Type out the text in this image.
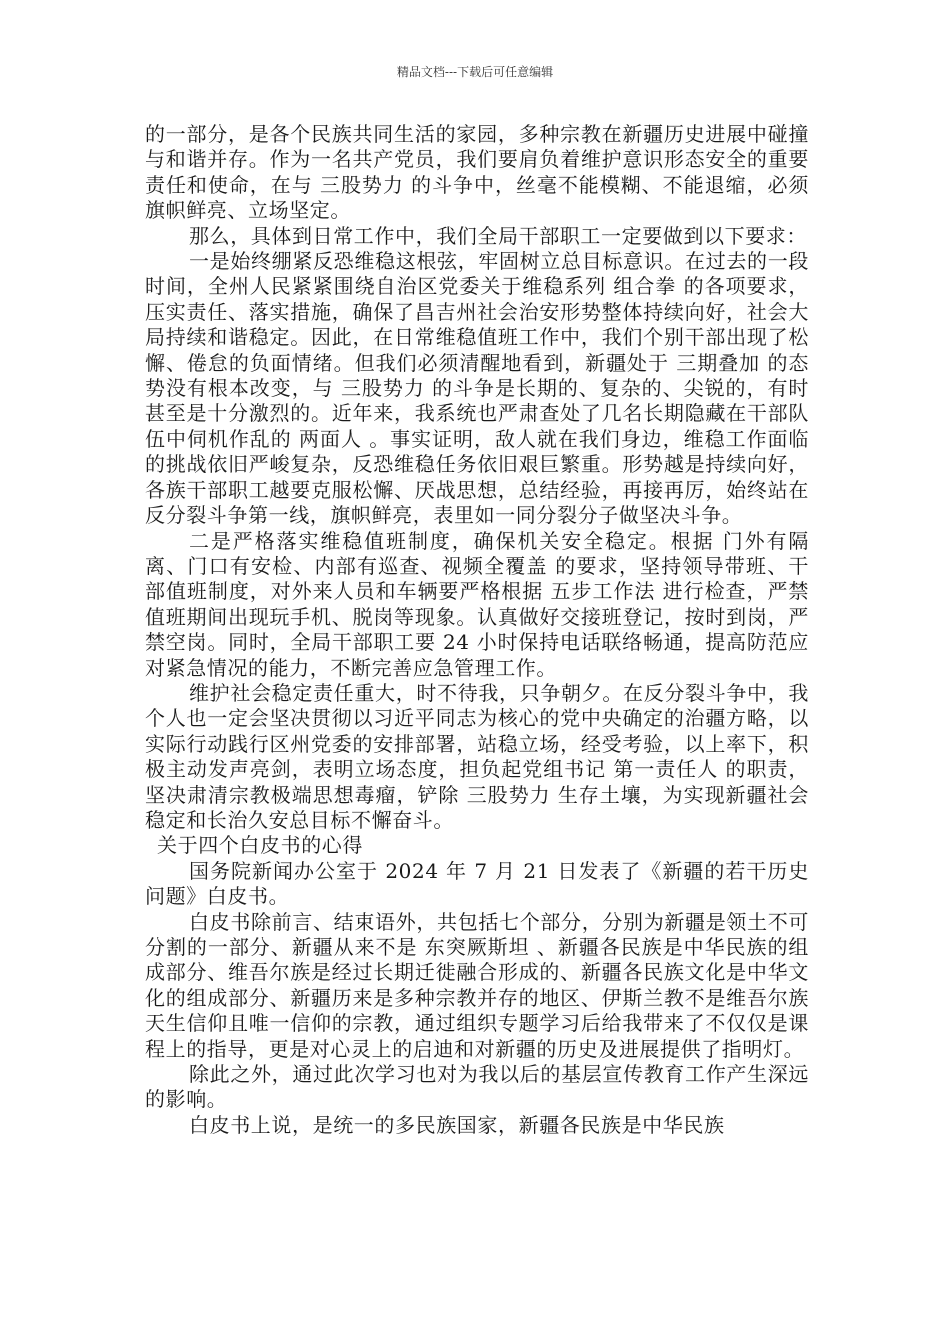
精品文档---下载后可任意编辑

的一部分，是各个民族共同生活的家园，多种宗教在新疆历史进展中碰撞与和谐并存。作为一名共产党员，我们要肩负着维护意识形态安全的重要责任和使命，在与 三股势力 的斗争中，丝毫不能模糊、不能退缩，必须旗帜鲜亮、立场坚定。

那么，具体到日常工作中，我们全局干部职工一定要做到以下要求：

一是始终绷紧反恐维稳这根弦，牢固树立总目标意识。在过去的一段时间，全州人民紧紧围绕自治区党委关于维稳系列 组合拳 的各项要求，压实责任、落实措施，确保了昌吉州社会治安形势整体持续向好，社会大局持续和谐稳定。因此，在日常维稳值班工作中，我们个别干部出现了松懈、倦怠的负面情绪。但我们必须清醒地看到，新疆处于 三期叠加 的态势没有根本改变，与 三股势力 的斗争是长期的、复杂的、尖锐的，有时甚至是十分激烈的。近年来，我系统也严肃查处了几名长期隐藏在干部队伍中伺机作乱的 两面人 。事实证明，敌人就在我们身边，维稳工作面临的挑战依旧严峻复杂，反恐维稳任务依旧艰巨繁重。形势越是持续向好，各族干部职工越要克服松懈、厌战思想，总结经验，再接再厉，始终站在反分裂斗争第一线，旗帜鲜亮，表里如一同分裂分子做坚决斗争。

二是严格落实维稳值班制度，确保机关安全稳定。根据 门外有隔离、门口有安检、内部有巡查、视频全覆盖 的要求，坚持领导带班、干部值班制度，对外来人员和车辆要严格根据 五步工作法 进行检查，严禁值班期间出现玩手机、脱岗等现象。认真做好交接班登记，按时到岗，严禁空岗。同时，全局干部职工要 24 小时保持电话联络畅通，提高防范应对紧急情况的能力，不断完善应急管理工作。

维护社会稳定责任重大，时不待我，只争朝夕。在反分裂斗争中，我个人也一定会坚决贯彻以习近平同志为核心的党中央确定的治疆方略，以实际行动践行区州党委的安排部署，站稳立场，经受考验，以上率下，积极主动发声亮剑，表明立场态度，担负起党组书记 第一责任人 的职责，坚决肃清宗教极端思想毒瘤，铲除 三股势力 生存土壤，为实现新疆社会稳定和长治久安总目标不懈奋斗。

关于四个白皮书的心得

国务院新闻办公室于 2024 年 7 月 21 日发表了《新疆的若干历史问题》白皮书。

白皮书除前言、结束语外，共包括七个部分，分别为新疆是领土不可分割的一部分、新疆从来不是 东突厥斯坦 、新疆各民族是中华民族的组成部分、维吾尔族是经过长期迁徙融合形成的、新疆各民族文化是中华文化的组成部分、新疆历来是多种宗教并存的地区、伊斯兰教不是维吾尔族天生信仰且唯一信仰的宗教，通过组织专题学习后给我带来了不仅仅是课程上的指导，更是对心灵上的启迪和对新疆的历史及进展提供了指明灯。

除此之外，通过此次学习也对为我以后的基层宣传教育工作产生深远的影响。

白皮书上说，是统一的多民族国家，新疆各民族是中华民族
